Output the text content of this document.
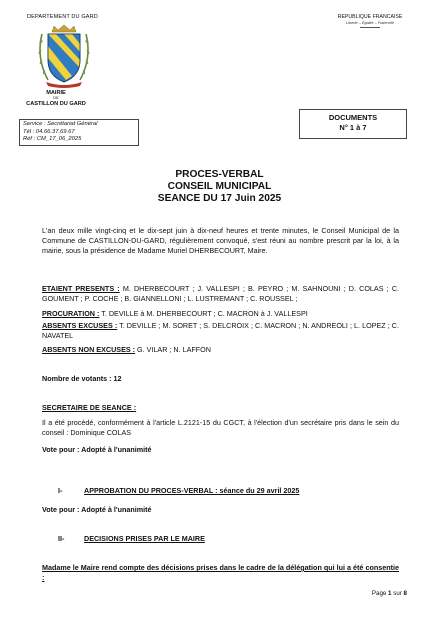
DEPARTEMENT DU GARD
MAIRIE
DE
CASTILLON DU GARD
REPUBLIQUE FRANCAISE
Liberté – Égalité – Fraternité
Service : Secrétariat Général
Tél : 04.66.37.69.67
Réf : CM_17_06_2025
DOCUMENTS
N° 1 à 7
PROCES-VERBAL
CONSEIL MUNICIPAL
SEANCE DU 17 Juin 2025
L'an deux mille vingt-cinq et le dix-sept juin à dix-neuf heures et trente minutes, le Conseil Municipal de la Commune de CASTILLON-DU-GARD, régulièrement convoqué, s'est réuni au nombre prescrit par la loi, à la mairie, sous la présidence de Madame Muriel DHERBECOURT, Maire.
ETAIENT PRESENTS : M. DHERBECOURT ; J. VALLESPI ; B. PEYRO ; M. SAHNOUNI ; D. COLAS ; C. GOUMENT ; P. COCHE ; B. GIANNELLONI ; L. LUSTREMANT ; C. ROUSSEL ;
PROCURATION : T. DEVILLE à M. DHERBECOURT ; C. MACRON à J. VALLESPI
ABSENTS EXCUSES : T. DEVILLE ; M. SORET ; S. DELCROIX ; C. MACRON ; N. ANDREOLI ; L. LOPEZ ; C. NAVATEL
ABSENTS NON EXCUSES : G. VILAR ; N. LAFFON
Nombre de votants : 12
SECRETAIRE DE SEANCE :
Il a été procédé, conformément à l'article L.2121-15 du CGCT, à l'élection d'un secrétaire pris dans le sein du conseil : Dominique COLAS
Vote pour : Adopté à l'unanimité
I-	APPROBATION DU PROCES-VERBAL : séance du 29 avril 2025
Vote pour : Adopté à l'unanimité
II-	DECISIONS PRISES PAR LE MAIRE
Madame le Maire rend compte des décisions prises dans le cadre de la délégation qui lui a été consentie :
Page 1 sur 8
